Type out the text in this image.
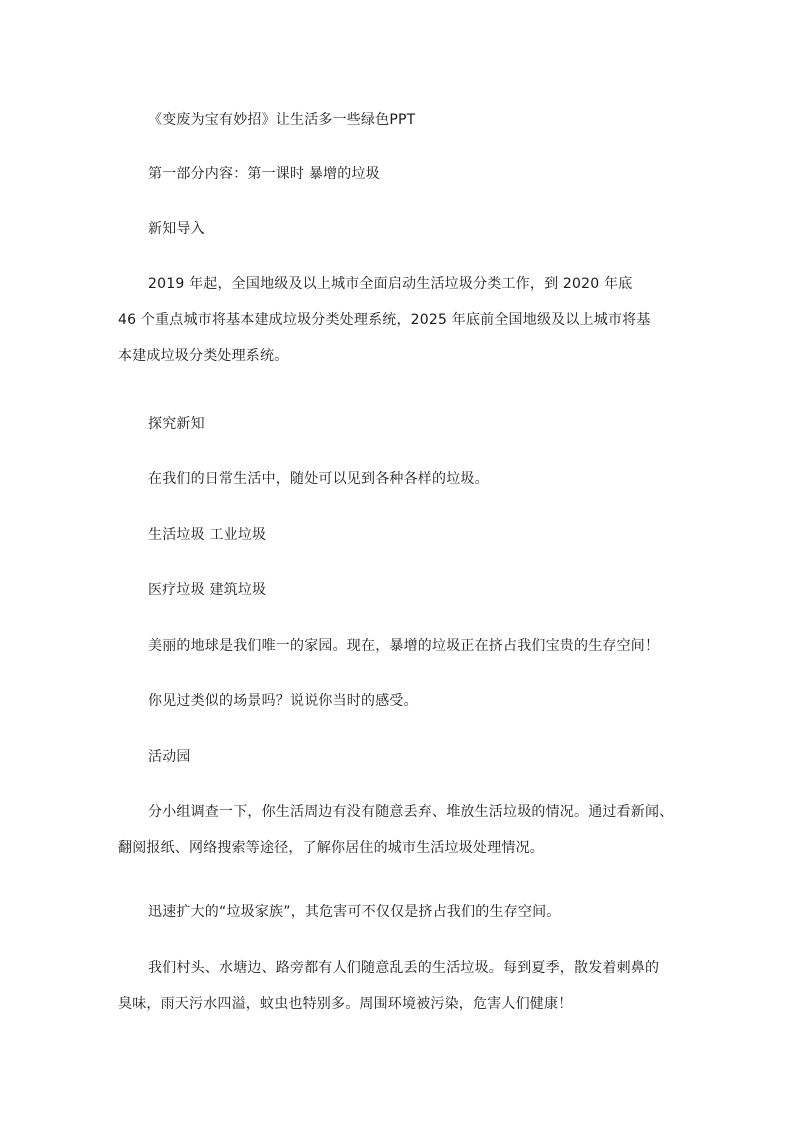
《变废为宝有妙招》让生活多一些绿色PPT
第一部分内容：第一课时 暴增的垃圾
新知导入
2019 年起，全国地级及以上城市全面启动生活垃圾分类工作，到 2020 年底
46 个重点城市将基本建成垃圾分类处理系统，2025 年底前全国地级及以上城市将基
本建成垃圾分类处理系统。
探究新知
在我们的日常生活中，随处可以见到各种各样的垃圾。
生活垃圾 工业垃圾
医疗垃圾 建筑垃圾
美丽的地球是我们唯一的家园。现在，暴增的垃圾正在挤占我们宝贵的生存空间！
你见过类似的场景吗？说说你当时的感受。
活动园
分小组调查一下，你生活周边有没有随意丢弃、堆放生活垃圾的情况。通过看新闻、
翻阅报纸、网络搜索等途径，了解你居住的城市生活垃圾处理情况。
迅速扩大的“垃圾家族”，其危害可不仅仅是挤占我们的生存空间。
我们村头、水塘边、路旁都有人们随意乱丢的生活垃圾。每到夏季，散发着刺鼻的
臭味，雨天污水四溢，蚊虫也特别多。周围环境被污染，危害人们健康！
